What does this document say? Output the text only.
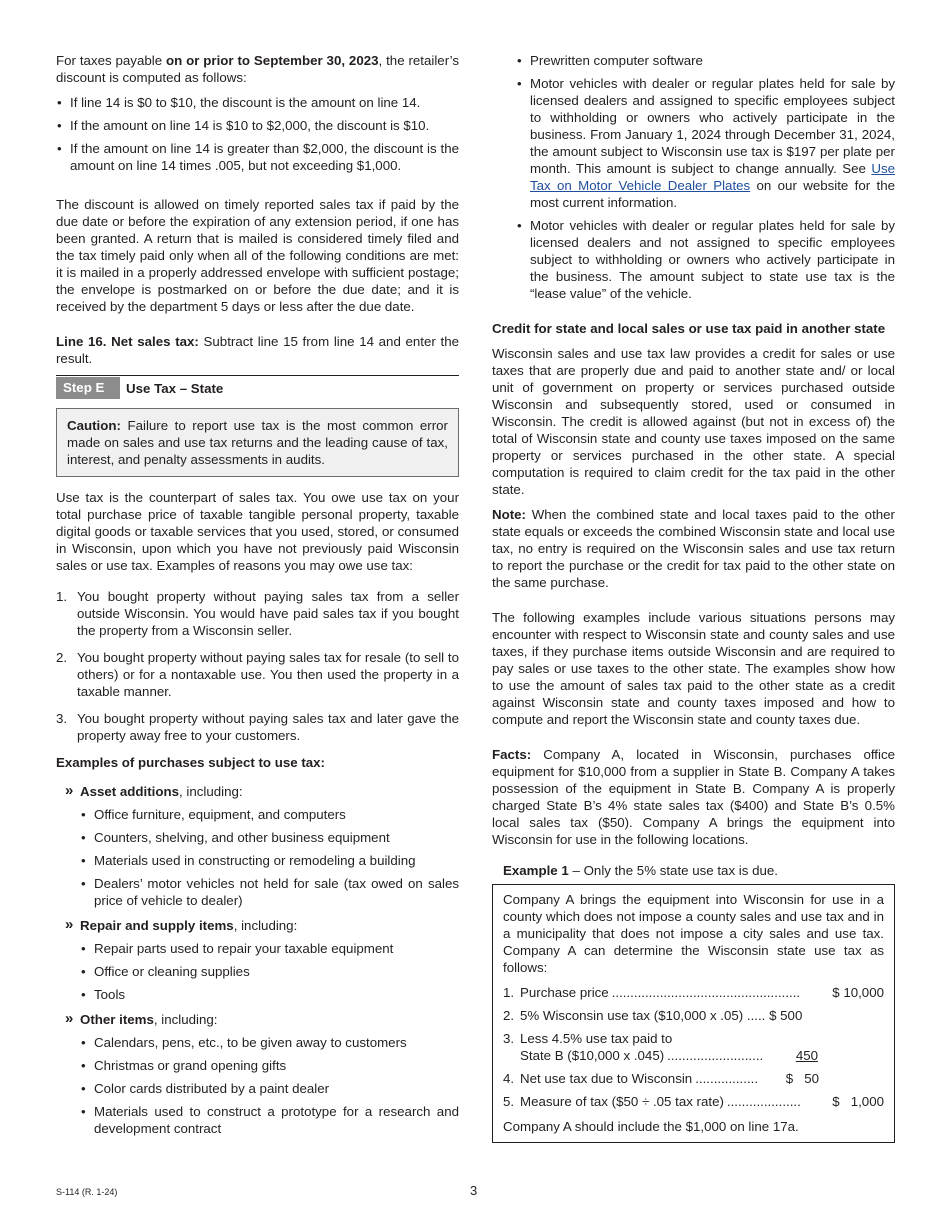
For taxes payable on or prior to September 30, 2023, the retailer’s discount is computed as follows:

• If line 14 is $0 to $10, the discount is the amount on line 14.
• If the amount on line 14 is $10 to $2,000, the discount is $10.
• If the amount on line 14 is greater than $2,000, the discount is the amount on line 14 times .005, but not exceeding $1,000.

The discount is allowed on timely reported sales tax if paid by the due date or before the expiration of any extension period, if one has been granted. A return that is mailed is considered timely filed and the tax timely paid only when all of the following conditions are met: it is mailed in a properly addressed envelope with sufficient postage; the envelope is postmarked on or before the due date; and it is received by the department 5 days or less after the due date.

Line 16. Net sales tax: Subtract line 15 from line 14 and enter the result.

Step E	Use Tax – State
Caution: Failure to report use tax is the most common error made on sales and use tax returns and the leading cause of tax, interest, and penalty assessments in audits.

Use tax is the counterpart of sales tax. You owe use tax on your total purchase price of taxable tangible personal property, taxable digital goods or taxable services that you used, stored, or consumed in Wisconsin, upon which you have not previously paid Wisconsin sales or use tax. Examples of reasons you may owe use tax:

1. You bought property without paying sales tax from a seller outside Wisconsin. You would have paid sales tax if you bought the property from a Wisconsin seller.
2. You bought property without paying sales tax for resale (to sell to others) or for a nontaxable use. You then used the property in a taxable manner.
3. You bought property without paying sales tax and later gave the property away free to your customers.

Examples of purchases subject to use tax:

» Asset additions, including:
• Office furniture, equipment, and computers
• Counters, shelving, and other business equipment
• Materials used in constructing or remodeling a building
• Dealers’ motor vehicles not held for sale (tax owed on sales price of vehicle to dealer)
» Repair and supply items, including:
• Repair parts used to repair your taxable equipment
• Office or cleaning supplies
• Tools
» Other items, including:
• Calendars, pens, etc., to be given away to customers
• Christmas or grand opening gifts
• Color cards distributed by a paint dealer
• Materials used to construct a prototype for a research and development contract
• Prewritten computer software
• Motor vehicles with dealer or regular plates held for sale by licensed dealers and assigned to specific employees subject to withholding or owners who actively participate in the business. From January 1, 2024 through December 31, 2024, the amount subject to Wisconsin use tax is $197 per plate per month. This amount is subject to change annually. See Use Tax on Motor Vehicle Dealer Plates on our website for the most current information.
• Motor vehicles with dealer or regular plates held for sale by licensed dealers and not assigned to specific employees subject to withholding or owners who actively participate in the business. The amount subject to state use tax is the “lease value” of the vehicle.

Credit for state and local sales or use tax paid in another state

Wisconsin sales and use tax law provides a credit for sales or use taxes that are properly due and paid to another state and/ or local unit of government on property or services purchased outside Wisconsin and subsequently stored, used or consumed in Wisconsin. The credit is allowed against (but not in excess of) the total of Wisconsin state and county use taxes imposed on the same property or services purchased in the other state. A special computation is required to claim credit for the tax paid in the other state.

Note: When the combined state and local taxes paid to the other state equals or exceeds the combined Wisconsin state and local use tax, no entry is required on the Wisconsin sales and use tax return to report the purchase or the credit for tax paid to the other state on the same purchase.

The following examples include various situations persons may encounter with respect to Wisconsin state and county sales and use taxes, if they purchase items outside Wisconsin and are required to pay sales or use taxes to the other state. The examples show how to use the amount of sales tax paid to the other state as a credit against Wisconsin state and county taxes imposed and how to compute and report the Wisconsin state and county taxes due.

Facts: Company A, located in Wisconsin, purchases office equipment for $10,000 from a supplier in State B. Company A takes possession of the equipment in State B. Company A is properly charged State B’s 4% state sales tax ($400) and State B’s 0.5% local sales tax ($50). Company A brings the equipment into Wisconsin for use in the following locations.

Example 1 – Only the 5% state use tax is due.

Company A brings the equipment into Wisconsin for use in a county which does not impose a county sales and use tax and in a municipality that does not impose a city sales and use tax. Company A can determine the Wisconsin state use tax as follows:

1. Purchase price ...................................................	$ 10,000
2. 5% Wisconsin use tax ($10,000 x .05) ..... $ 500
3. Less 4.5% use tax paid to
State B ($10,000 x .045) ..........................	450
4. Net use tax due to Wisconsin .................	$   50
5. Measure of tax ($50 ÷ .05 tax rate) ....................	$   1,000

Company A should include the $1,000 on line 17a.

S-114 (R. 1-24)	3
